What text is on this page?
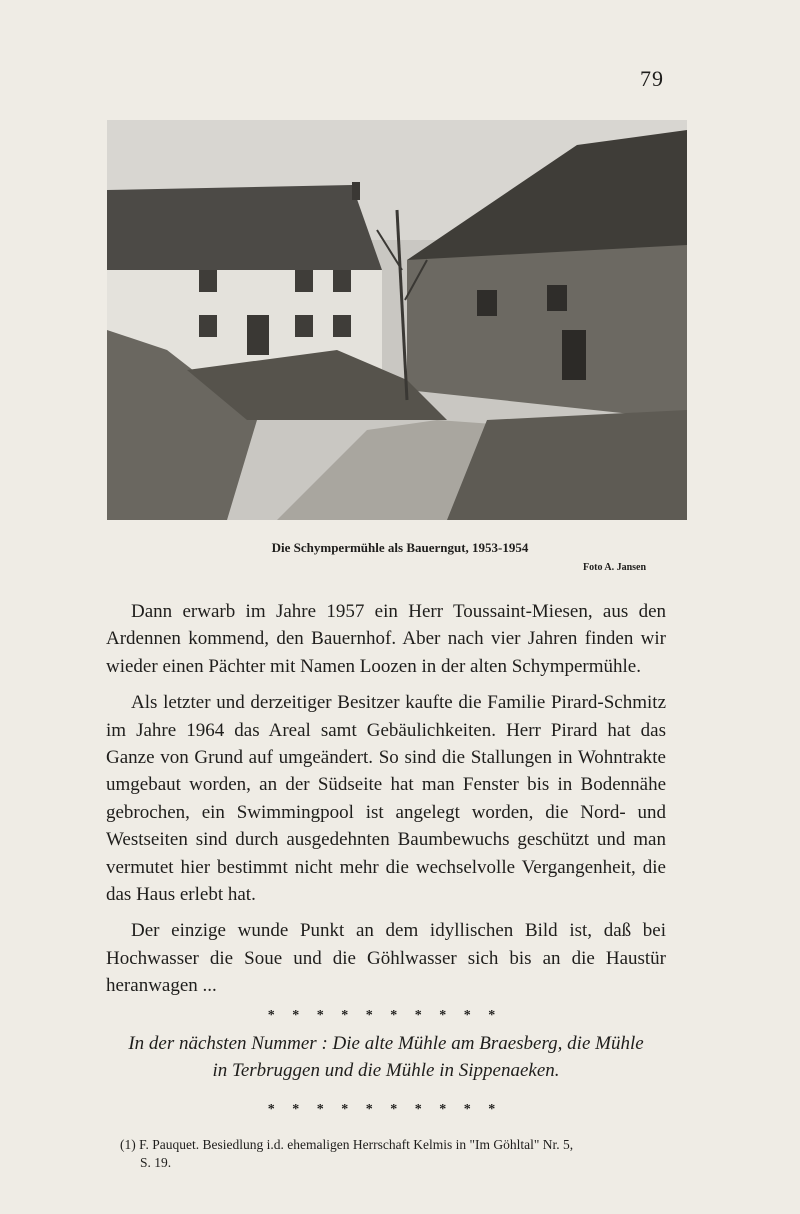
79
Die Schympermühle als Bauerngut, 1953-1954
Foto A. Jansen

Dann erwarb im Jahre 1957 ein Herr Toussaint-Miesen, aus den Ardennen kommend, den Bauernhof. Aber nach vier Jahren finden wir wieder einen Pächter mit Namen Loozen in der alten Schympermühle.

Als letzter und derzeitiger Besitzer kaufte die Familie Pirard-Schmitz im Jahre 1964 das Areal samt Gebäulichkeiten. Herr Pirard hat das Ganze von Grund auf umgeändert. So sind die Stallungen in Wohntrakte umgebaut worden, an der Südseite hat man Fenster bis in Bodennähe gebrochen, ein Swimmingpool ist angelegt worden, die Nord- und Westseiten sind durch ausgedehnten Baumbewuchs geschützt und man vermutet hier bestimmt nicht mehr die wechselvolle Vergangenheit, die das Haus erlebt hat.

Der einzige wunde Punkt an dem idyllischen Bild ist, daß bei Hochwasser die Soue und die Göhlwasser sich bis an die Haustür heranwagen ...

* * * * * * * * * *
In der nächsten Nummer : Die alte Mühle am Braesberg, die Mühle
in Terbruggen und die Mühle in Sippenaeken.
* * * * * * * * * *
(1) F. Pauquet. Besiedlung i.d. ehemaligen Herrschaft Kelmis in "Im Göhltal" Nr. 5,
S. 19.
